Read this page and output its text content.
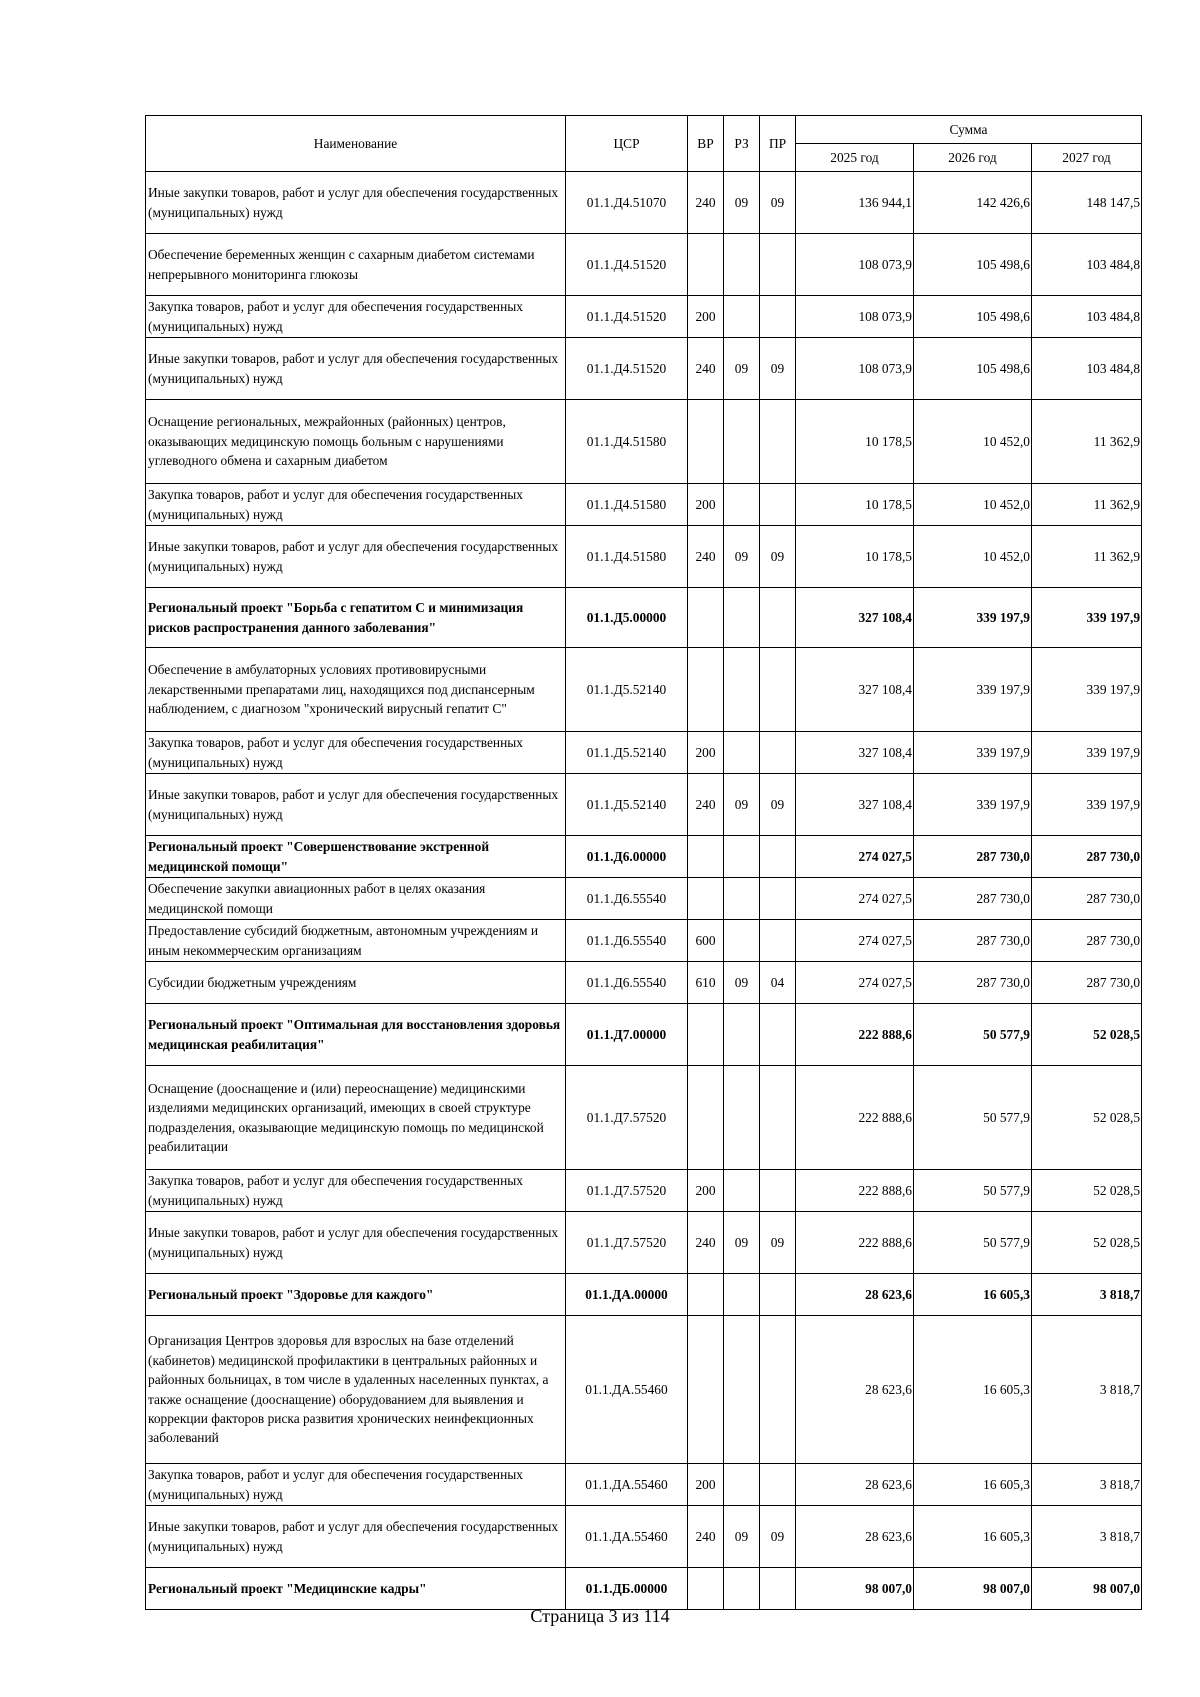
Наименование	ЦСР	ВР	РЗ	ПР	Сумма		
					2025 год	2026 год	2027 год
Иные закупки товаров, работ и услуг для обеспечения государственных (муниципальных) нужд	01.1.Д4.51070	240	09	09	136 944,1	142 426,6	148 147,5
Обеспечение беременных женщин с сахарным диабетом системами непрерывного мониторинга глюкозы	01.1.Д4.51520				108 073,9	105 498,6	103 484,8
Закупка товаров, работ и услуг для обеспечения государственных (муниципальных) нужд	01.1.Д4.51520	200			108 073,9	105 498,6	103 484,8
Иные закупки товаров, работ и услуг для обеспечения государственных (муниципальных) нужд	01.1.Д4.51520	240	09	09	108 073,9	105 498,6	103 484,8
Оснащение региональных, межрайонных (районных) центров, оказывающих медицинскую помощь больным с нарушениями углеводного обмена и сахарным диабетом	01.1.Д4.51580				10 178,5	10 452,0	11 362,9
Закупка товаров, работ и услуг для обеспечения государственных (муниципальных) нужд	01.1.Д4.51580	200			10 178,5	10 452,0	11 362,9
Иные закупки товаров, работ и услуг для обеспечения государственных (муниципальных) нужд	01.1.Д4.51580	240	09	09	10 178,5	10 452,0	11 362,9
Региональный проект "Борьба с гепатитом С и минимизация рисков распространения данного заболевания"	01.1.Д5.00000				327 108,4	339 197,9	339 197,9
Обеспечение в амбулаторных условиях противовирусными лекарственными препаратами лиц, находящихся под диспансерным наблюдением, с диагнозом "хронический вирусный гепатит С"	01.1.Д5.52140				327 108,4	339 197,9	339 197,9
Закупка товаров, работ и услуг для обеспечения государственных (муниципальных) нужд	01.1.Д5.52140	200			327 108,4	339 197,9	339 197,9
Иные закупки товаров, работ и услуг для обеспечения государственных (муниципальных) нужд	01.1.Д5.52140	240	09	09	327 108,4	339 197,9	339 197,9
Региональный проект "Совершенствование экстренной медицинской помощи"	01.1.Д6.00000				274 027,5	287 730,0	287 730,0
Обеспечение закупки авиационных работ в целях оказания медицинской помощи	01.1.Д6.55540				274 027,5	287 730,0	287 730,0
Предоставление субсидий бюджетным, автономным учреждениям и иным некоммерческим организациям	01.1.Д6.55540	600			274 027,5	287 730,0	287 730,0
Субсидии бюджетным учреждениям	01.1.Д6.55540	610	09	04	274 027,5	287 730,0	287 730,0
Региональный проект "Оптимальная для восстановления здоровья медицинская реабилитация"	01.1.Д7.00000				222 888,6	50 577,9	52 028,5
Оснащение (дооснащение и (или) переоснащение) медицинскими изделиями медицинских организаций, имеющих в своей структуре подразделения, оказывающие медицинскую помощь по медицинской реабилитации	01.1.Д7.57520				222 888,6	50 577,9	52 028,5
Закупка товаров, работ и услуг для обеспечения государственных (муниципальных) нужд	01.1.Д7.57520	200			222 888,6	50 577,9	52 028,5
Иные закупки товаров, работ и услуг для обеспечения государственных (муниципальных) нужд	01.1.Д7.57520	240	09	09	222 888,6	50 577,9	52 028,5
Региональный проект "Здоровье для каждого"	01.1.ДА.00000				28 623,6	16 605,3	3 818,7
Организация Центров здоровья для взрослых на базе отделений (кабинетов) медицинской профилактики в центральных районных и районных больницах, в том числе в удаленных населенных пунктах, а также оснащение (дооснащение) оборудованием для выявления и коррекции факторов риска развития хронических неинфекционных заболеваний	01.1.ДА.55460				28 623,6	16 605,3	3 818,7
Закупка товаров, работ и услуг для обеспечения государственных (муниципальных) нужд	01.1.ДА.55460	200			28 623,6	16 605,3	3 818,7
Иные закупки товаров, работ и услуг для обеспечения государственных (муниципальных) нужд	01.1.ДА.55460	240	09	09	28 623,6	16 605,3	3 818,7
Региональный проект "Медицинские кадры"	01.1.ДБ.00000				98 007,0	98 007,0	98 007,0
Страница 3 из 114
